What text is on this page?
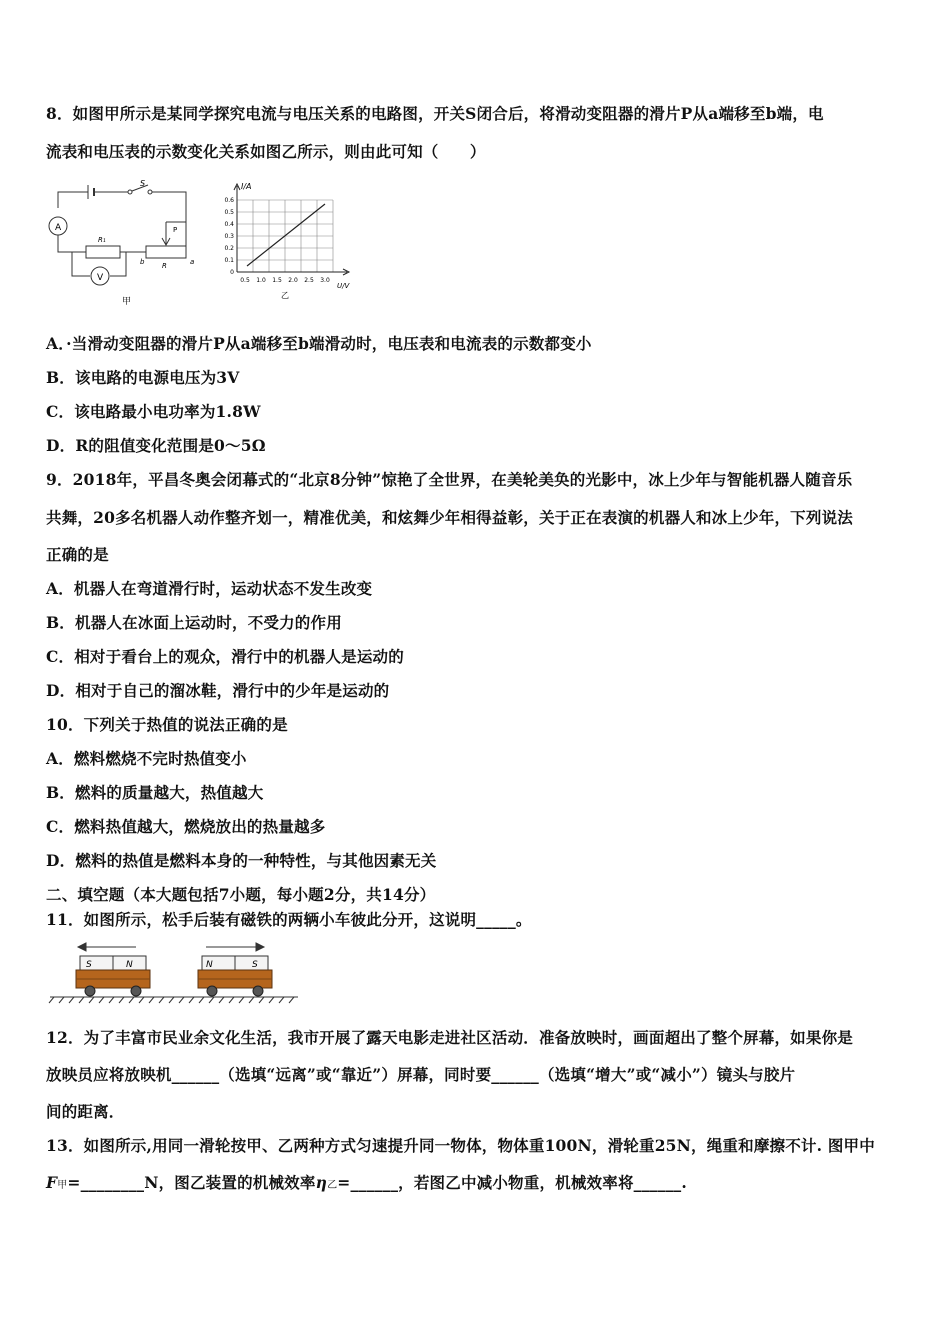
8．如图甲所示是某同学探究电流与电压关系的电路图，开关S闭合后，将滑动变阻器的滑片P从a端移至b端，电
流表和电压表的示数变化关系如图乙所示，则由此可知（　　）
A
V
S
R₁
R
P
b	a
甲
I/A
U/V
0.6
0.5
0.4
0.3
0.2
0.1
0
0.5 1.0 1.5 2.0 2.5 3.0
乙
A．·当滑动变阻器的滑片P从a端移至b端滑动时，电压表和电流表的示数都变小
B．该电路的电源电压为3V
C．该电路最小电功率为1.8W
D．R的阻值变化范围是0～5Ω
9．2018年，平昌冬奥会闭幕式的“北京8分钟”惊艳了全世界，在美轮美奂的光影中，冰上少年与智能机器人随音乐
共舞，20多名机器人动作整齐划一，精准优美，和炫舞少年相得益彰，关于正在表演的机器人和冰上少年，下列说法
正确的是
A．机器人在弯道滑行时，运动状态不发生改变
B．机器人在冰面上运动时，不受力的作用
C．相对于看台上的观众，滑行中的机器人是运动的
D．相对于自己的溜冰鞋，滑行中的少年是运动的
10．下列关于热值的说法正确的是
A．燃料燃烧不完时热值变小
B．燃料的质量越大，热值越大
C．燃料热值越大，燃烧放出的热量越多
D．燃料的热值是燃料本身的一种特性，与其他因素无关
二、填空题（本大题包括7小题，每小题2分，共14分）
11．如图所示，松手后装有磁铁的两辆小车彼此分开，这说明_____。
S	N	N	S
12．为了丰富市民业余文化生活，我市开展了露天电影走进社区活动．准备放映时，画面超出了整个屏幕，如果你是
放映员应将放映机______（选填“远离”或“靠近”）屏幕，同时要______（选填“增大”或“减小”）镜头与胶片
间的距离．
13．如图所示,用同一滑轮按甲、乙两种方式匀速提升同一物体，物体重100N，滑轮重25N，绳重和摩擦不计. 图甲中
F甲=________N，图乙装置的机械效率η乙=______，若图乙中减小物重，机械效率将______.
